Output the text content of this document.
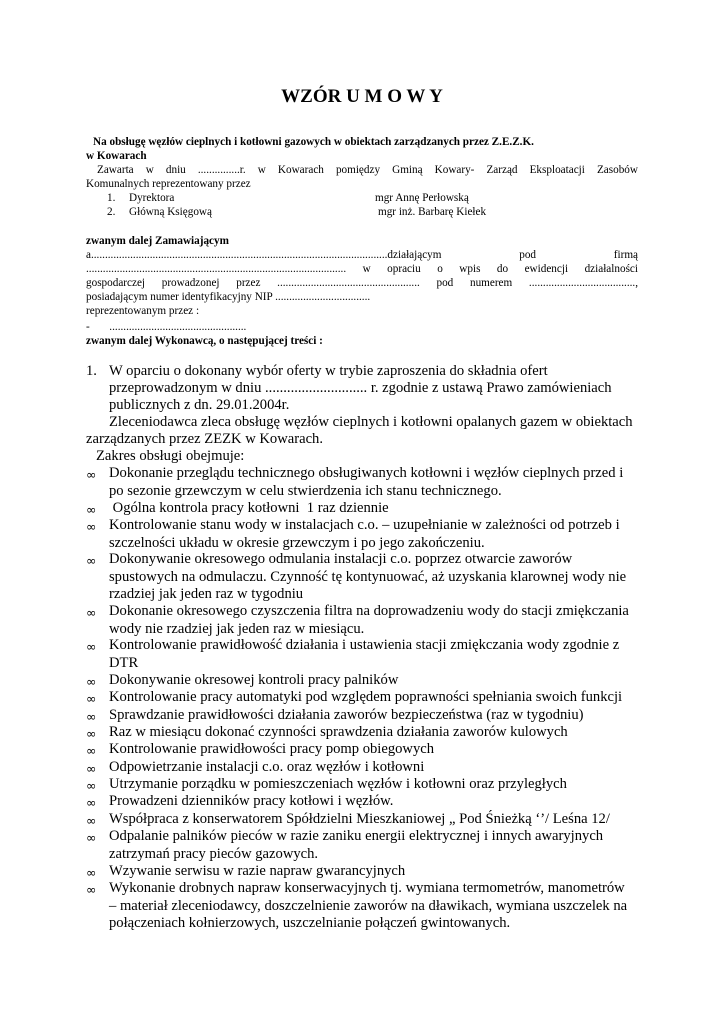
WZÓR U M O W Y
Na obsługę węzłów cieplnych i kotłowni gazowych w obiektach zarządzanych przez Z.E.Z.K.
w Kowarach
Zawarta w dniu ...............r. w Kowarach pomiędzy Gminą Kowary- Zarząd Eksploatacji Zasobów
Komunalnych reprezentowany przez
1. Dyrektora	mgr Annę Perłowską
2. Główną Księgową	mgr inż. Barbarę Kiełek
zwanym dalej Zamawiającym
a..........................................................................................................działającym	pod	firmą
............................................................................................. w opraciu o wpis do ewidencji działalności
gospodarczej prowadzonej przez ................................................... pod numerem ......................................,
posiadającym numer identyfikacyjny NIP ..................................
reprezentowanym przez :
-       .................................................
zwanym dalej Wykonawcą, o następującej treści :
1. W oparciu o dokonany wybór oferty w trybie zaproszenia do składnia ofert
przeprowadzonym w dniu ............................ r. zgodnie z ustawą Prawo zamówieniach
publicznych z dn. 29.01.2004r.
Zleceniodawca zleca obsługę węzłów cieplnych i kotłowni opalanych gazem w obiektach
zarządzanych przez ZEZK w Kowarach.
Zakres obsługi obejmuje:
∞ Dokonanie przeglądu technicznego obsługiwanych kotłowni i węzłów cieplnych przed i po sezonie grzewczym w celu stwierdzenia ich stanu technicznego.
∞ Ogólna kontrola pracy kotłowni  1 raz dziennie
∞ Kontrolowanie stanu wody w instalacjach c.o. – uzupełnianie w zależności od potrzeb i szczelności układu w okresie grzewczym i po jego zakończeniu.
∞ Dokonywanie okresowego odmulania instalacji c.o. poprzez otwarcie zaworów spustowych na odmulaczu. Czynność tę kontynuować, aż uzyskania klarownej wody nie rzadziej jak jeden raz w tygodniu
∞ Dokonanie okresowego czyszczenia filtra na doprowadzeniu wody do stacji zmiękczania wody nie rzadziej jak jeden raz w miesiącu.
∞ Kontrolowanie prawidłowość działania i ustawienia stacji zmiękczania wody zgodnie z DTR
∞ Dokonywanie okresowej kontroli pracy palników
∞ Kontrolowanie pracy automatyki pod względem poprawności spełniania swoich funkcji
∞ Sprawdzanie prawidłowości działania zaworów bezpieczeństwa (raz w tygodniu)
∞ Raz w miesiącu dokonać czynności sprawdzenia działania zaworów kulowych
∞ Kontrolowanie prawidłowości pracy pomp obiegowych
∞ Odpowietrzanie instalacji c.o. oraz węzłów i kotłowni
∞ Utrzymanie porządku w pomieszczeniach węzłów i kotłowni oraz przyległych
∞ Prowadzeni dzienników pracy kotłowi i węzłów.
∞ Współpraca z konserwatorem Spółdzielni Mieszkaniowej „ Pod Śnieżką ‘’/ Leśna 12/
∞ Odpalanie palników pieców w razie zaniku energii elektrycznej i innych awaryjnych zatrzymań pracy pieców gazowych.
∞ Wzywanie serwisu w razie napraw gwarancyjnych
∞ Wykonanie drobnych napraw konserwacyjnych tj. wymiana termometrów, manometrów – materiał zleceniodawcy, doszczelnienie zaworów na dławikach, wymiana uszczelek na połączeniach kołnierzowych, uszczelnianie połączeń gwintowanych.
